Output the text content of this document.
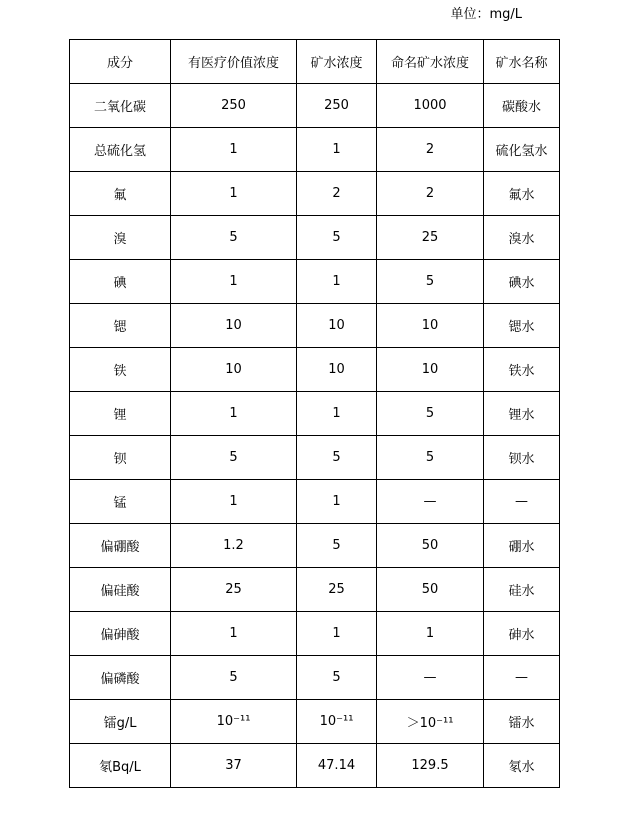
单位：mg/L
成分	有医疗价值浓度	矿水浓度	命名矿水浓度	矿水名称
二氧化碳	250	250	1000	碳酸水
总硫化氢	1	1	2	硫化氢水
氟	1	2	2	氟水
溴	5	5	25	溴水
碘	1	1	5	碘水
锶	10	10	10	锶水
铁	10	10	10	铁水
锂	1	1	5	锂水
钡	5	5	5	钡水
锰	1	1	—	—
偏硼酸	1.2	5	50	硼水
偏硅酸	25	25	50	硅水
偏砷酸	1	1	1	砷水
偏磷酸	5	5	—	—
镭g/L	10⁻¹¹	10⁻¹¹	＞10⁻¹¹	镭水
氡Bq/L	37	47.14	129.5	氡水
